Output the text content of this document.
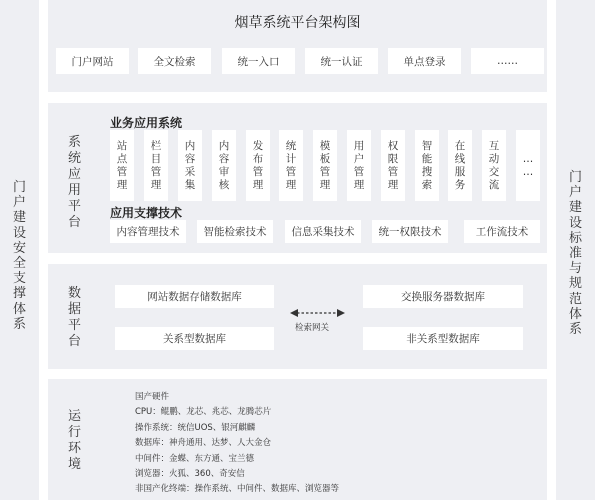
门
户
建
设
安
全
支
撑
体
系
门
户
建
设
标
准
与
规
范
体
系
烟草系统平台架构图
门户网站	全文检索	统一入口	统一认证	单点登录	……
系
统
应
用
平
台
业务应用系统
站
点
管
理
栏
目
管
理
内
容
采
集
内
容
审
核
发
布
管
理
统
计
管
理
模
板
管
理
用
户
管
理
权
限
管
理
智
能
搜
索
在
线
服
务
互
动
交
流
…
…
应用支撑技术
内容管理技术	智能检索技术	信息采集技术	统一权限技术	工作流技术
数
据
平
台
网站数据存储数据库	交换服务器数据库
关系型数据库	非关系型数据库
检索网关
运
行
环
境
国产硬件
CPU：鲲鹏、龙芯、兆芯、龙腾芯片
操作系统：统信UOS、银河麒麟
数据库：神舟通用、达梦、人大金仓
中间件：金蝶、东方通、宝兰德
浏览器：火狐、360、奇安信
非国产化终端：操作系统、中间件、数据库、浏览器等
